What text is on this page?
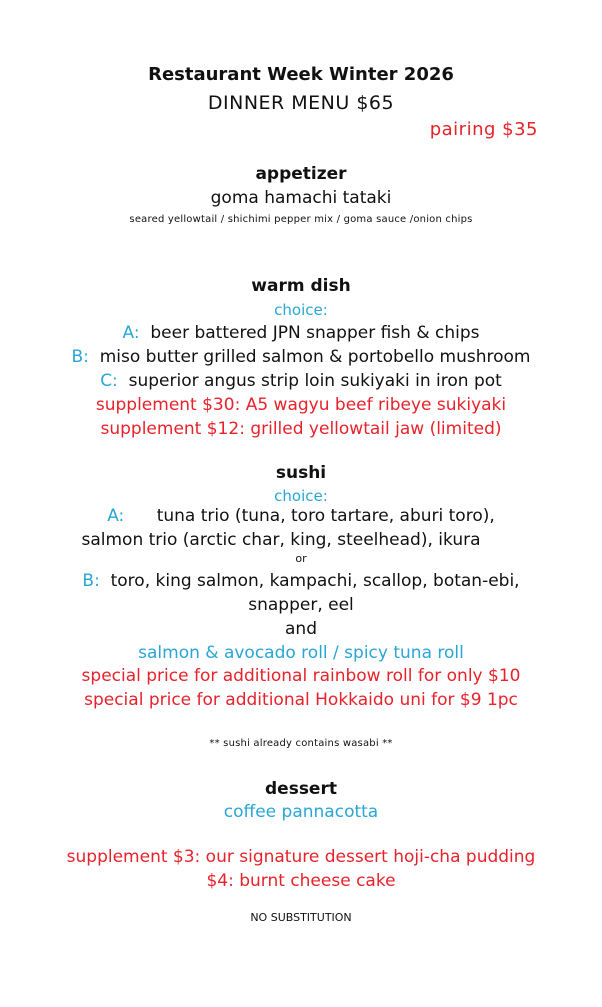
Restaurant Week Winter 2026
DINNER MENU $65
pairing $35
appetizer
goma hamachi tataki
seared yellowtail / shichimi pepper mix / goma sauce /onion chips
warm dish
choice:
A: beer battered JPN snapper fish & chips
B: miso butter grilled salmon & portobello mushroom
C: superior angus strip loin sukiyaki in iron pot
supplement $30: A5 wagyu beef ribeye sukiyaki
supplement $12: grilled yellowtail jaw (limited)
sushi
choice:
A: tuna trio (tuna, toro tartare, aburi toro),
salmon trio (arctic char, king, steelhead), ikura
or
B: toro, king salmon, kampachi, scallop, botan-ebi,
snapper, eel
and
salmon & avocado roll / spicy tuna roll
special price for additional rainbow roll for only $10
special price for additional Hokkaido uni for $9 1pc
** sushi already contains wasabi **
dessert
coffee pannacotta
supplement $3: our signature dessert hoji-cha pudding
$4: burnt cheese cake
NO SUBSTITUTION
